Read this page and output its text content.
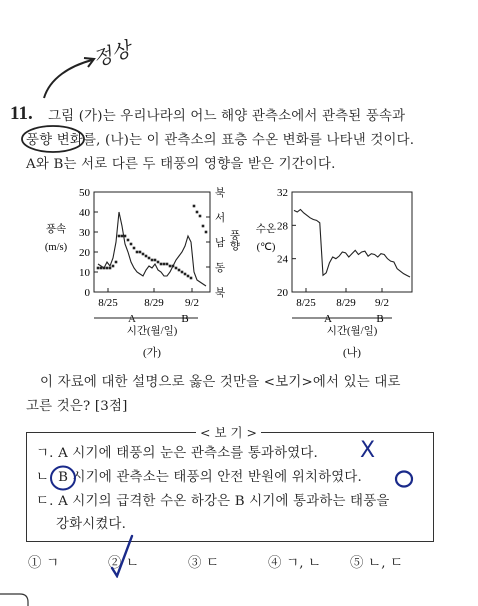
정상
11. 그림 (가)는 우리나라의 어느 해양 관측소에서 관측된 풍속과
풍향 변화를, (나)는 이 관측소의 표층 수온 변화를 나타낸 것이다.
A와 B는 서로 다른 두 태풍의 영향을 받은 기간이다.
50
40
30
20
10
0
북
서
남
동
북
풍속
(m/s)	풍향
8/25 8/29 9/2
A	B
시간(월/일)
(가)
32
28
24
20
수온
(℃)
8/25 8/29 9/2
A	B
시간(월/일)
(나)
이 자료에 대한 설명으로 옳은 것만을 <보기>에서 있는 대로
고른 것은? [3점]
< 보 기 >
ㄱ. A 시기에 태풍의 눈은 관측소를 통과하였다.
ㄴ. B 시기에 관측소는 태풍의 안전 반원에 위치하였다.
ㄷ. A 시기의 급격한 수온 하강은 B 시기에 통과하는 태풍을
강화시켰다.
X
① ㄱ	② ㄴ	③ ㄷ	④ ㄱ, ㄴ ⑤ ㄴ, ㄷ
